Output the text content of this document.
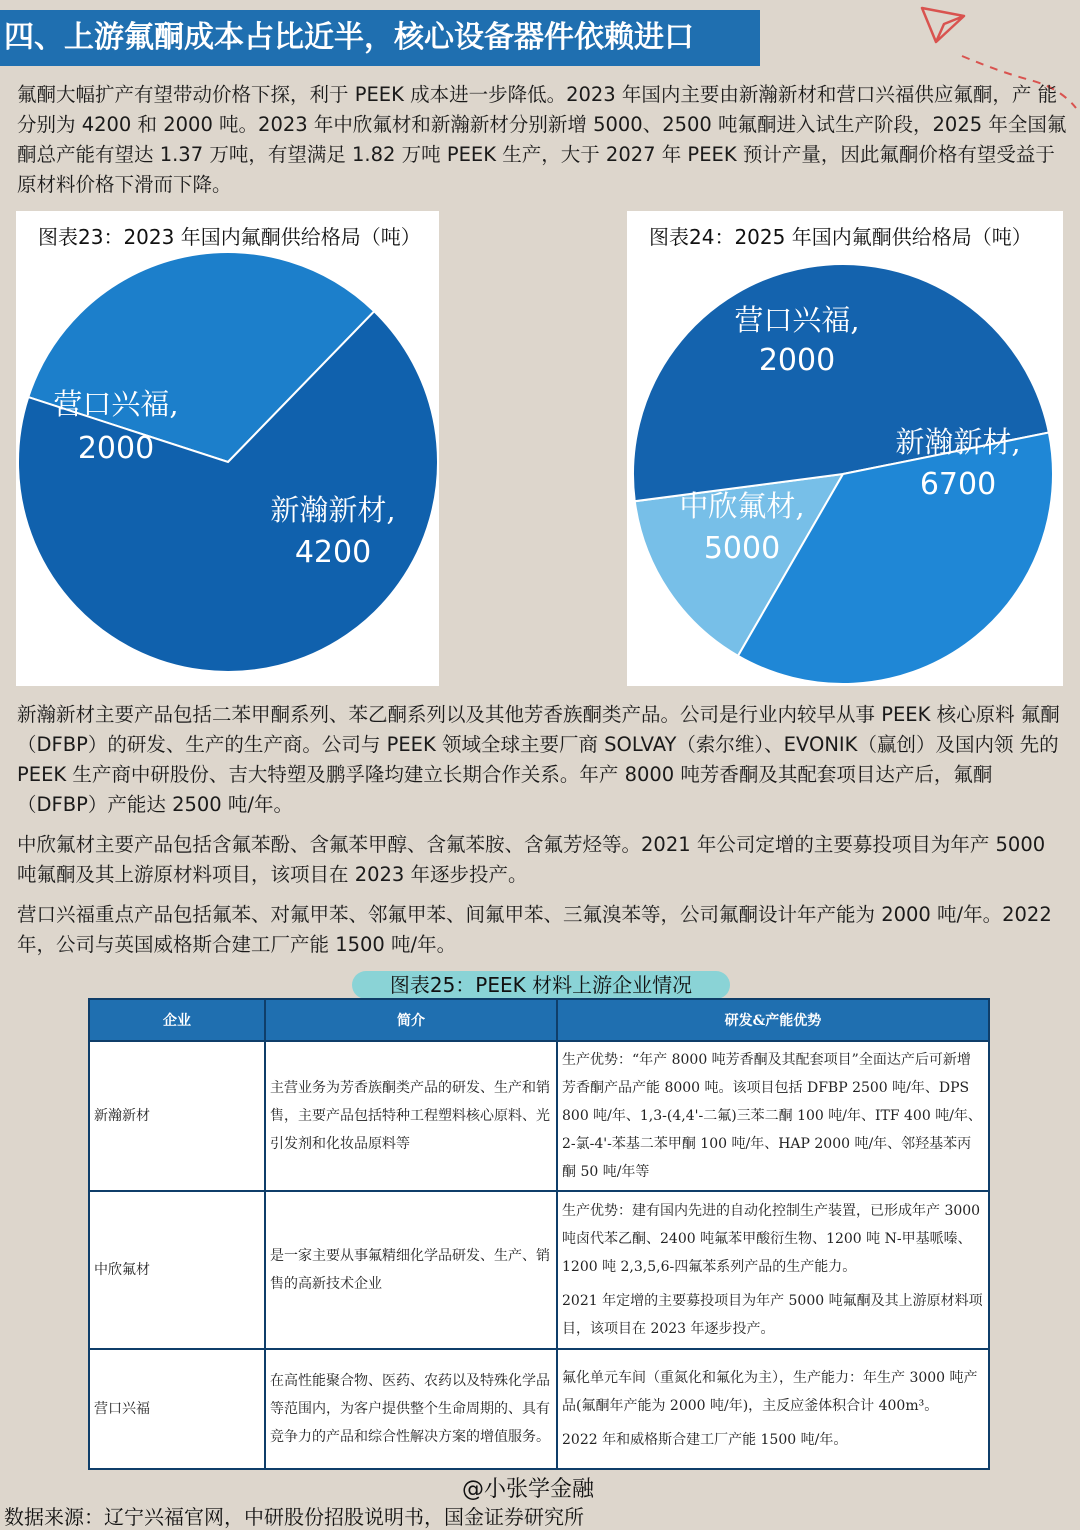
四、上游氟酮成本占比近半，核心设备器件依赖进口

氟酮大幅扩产有望带动价格下探，利于 PEEK 成本进一步降低。2023 年国内主要由新瀚新材和营口兴福供应氟酮，产 能分别为 4200 和 2000 吨。2023 年中欣氟材和新瀚新材分别新增 5000、2500 吨氟酮进入试生产阶段，2025 年全国氟 酮总产能有望达 1.37 万吨，有望满足 1.82 万吨 PEEK 生产，大于 2027 年 PEEK 预计产量，因此氟酮价格有望受益于 原材料价格下滑而下降。

图表23：2023 年国内氟酮供给格局（吨）
营口兴福,
2000
新瀚新材,
4200
图表24：2025 年国内氟酮供给格局（吨）
营口兴福,
2000
新瀚新材,
6700
中欣氟材,
5000

新瀚新材主要产品包括二苯甲酮系列、苯乙酮系列以及其他芳香族酮类产品。公司是行业内较早从事 PEEK 核心原料 氟酮（DFBP）的研发、生产的生产商。公司与 PEEK 领域全球主要厂商 SOLVAY（索尔维）、EVONIK（赢创）及国内领 先的 PEEK 生产商中研股份、吉大特塑及鹏孚隆均建立长期合作关系。年产 8000 吨芳香酮及其配套项目达产后，氟酮 （DFBP）产能达 2500 吨/年。

中欣氟材主要产品包括含氟苯酚、含氟苯甲醇、含氟苯胺、含氟芳烃等。2021 年公司定增的主要募投项目为年产 5000 吨氟酮及其上游原材料项目，该项目在 2023 年逐步投产。

营口兴福重点产品包括氟苯、对氟甲苯、邻氟甲苯、间氟甲苯、三氟溴苯等，公司氟酮设计年产能为 2000 吨/年。2022 年，公司与英国威格斯合建工厂产能 1500 吨/年。

图表25：PEEK 材料上游企业情况
企业	简介	研发&产能优势
新瀚新材	主营业务为芳香族酮类产品的研发、生产和销售，主要产品包括特种工程塑料核心原料、光引发剂和化妆品原料等	生产优势：“年产 8000 吨芳香酮及其配套项目”全面达产后可新增芳香酮产品产能 8000 吨。该项目包括 DFBP 2500 吨/年、DPS 800 吨/年、1,3-(4,4'-二氟)三苯二酮 100 吨/年、ITF 400 吨/年、2-氯-4'-苯基二苯甲酮 100 吨/年、HAP 2000 吨/年、邻羟基苯丙酮 50 吨/年等

中欣氟材	是一家主要从事氟精细化学品研发、生产、销售的高新技术企业	生产优势：建有国内先进的自动化控制生产装置，已形成年产 3000 吨卤代苯乙酮、2400 吨氟苯甲酸衍生物、1200 吨 N-甲基哌嗪、1200 吨 2,3,5,6-四氟苯系列产品的生产能力。
2021 年定增的主要募投项目为年产 5000 吨氟酮及其上游原材料项目，该项目在 2023 年逐步投产。

营口兴福	在高性能聚合物、医药、农药以及特殊化学品等范围内，为客户提供整个生命周期的、具有竞争力的产品和综合性解决方案的增值服务。	氟化单元车间（重氮化和氟化为主），生产能力：年生产 3000 吨产品(氟酮年产能为 2000 吨/年)，主反应釜体积合计 400m³。
2022 年和威格斯合建工厂产能 1500 吨/年。
@小张学金融
数据来源：辽宁兴福官网，中研股份招股说明书，国金证券研究所
